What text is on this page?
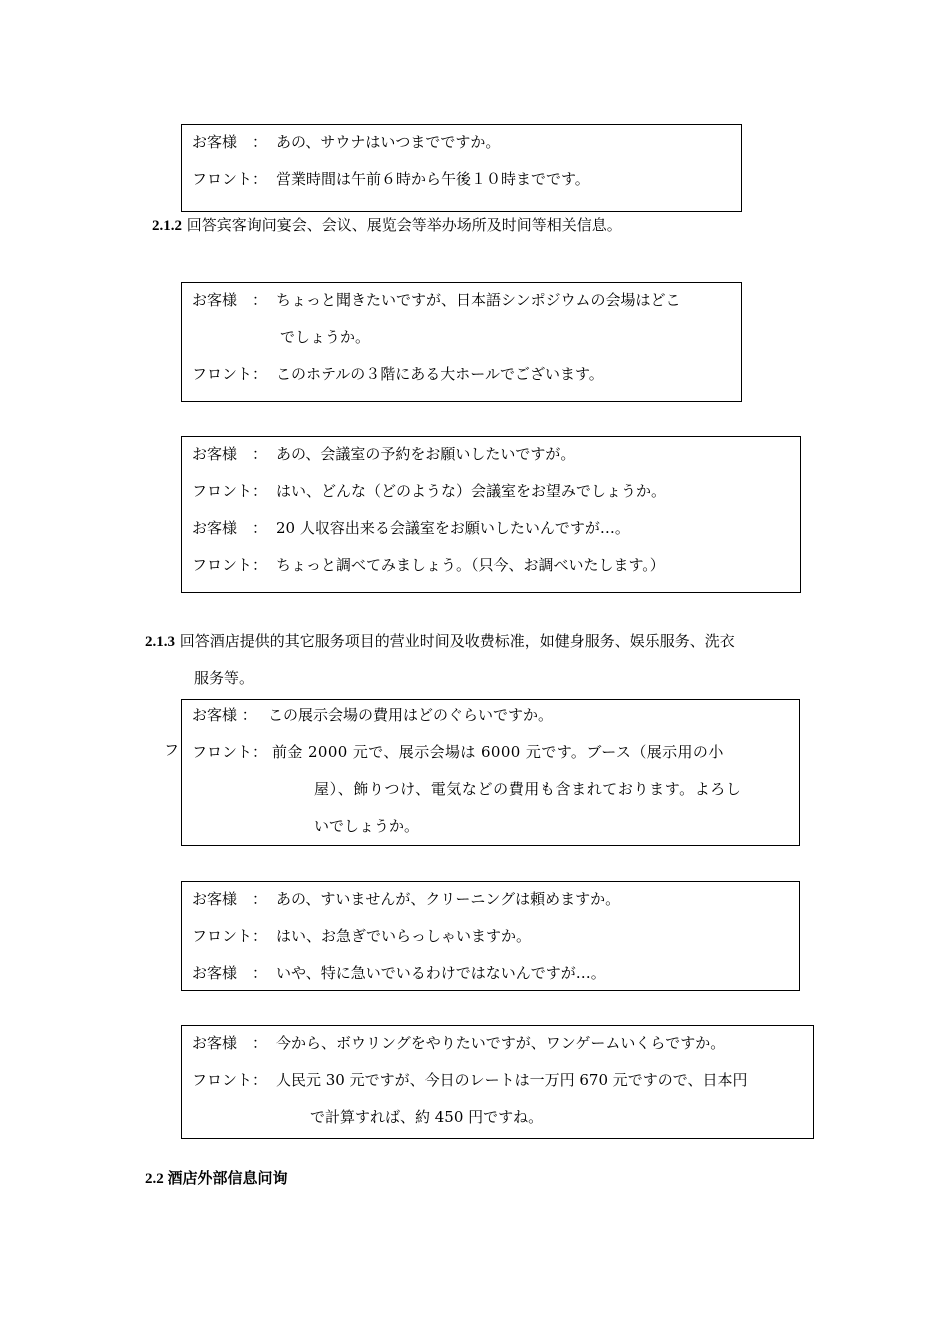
お客様　： あの、サウナはいつまでですか。
フロント： 営業時間は午前６時から午後１０時までです。
2.1.2 回答宾客询问宴会、会议、展览会等举办场所及时间等相关信息。
お客様　： ちょっと聞きたいですが、日本語シンポジウムの会場はどこ
でしょうか。
フロント： このホテルの３階にある大ホールでございます。
お客様　： あの、会議室の予約をお願いしたいですが。
フロント： はい、どんな（どのような）会議室をお望みでしょうか。
お客様　： 20 人収容出来る会議室をお願いしたいんですが…。
フロント： ちょっと調べてみましょう。（只今、お調べいたします。）
2.1.3 回答酒店提供的其它服务项目的营业时间及收费标准，如健身服务、娱乐服务、洗衣
服务等。
フ
お客様 ： この展示会場の費用はどのぐらいですか。
フロント： 前金 2000 元で、展示会場は 6000 元です。ブース（展示用の小
屋）、飾りつけ、電気などの費用も含まれております。よろし
いでしょうか。
お客様　： あの、すいませんが、クリーニングは頼めますか。
フロント： はい、お急ぎでいらっしゃいますか。
お客様　： いや、特に急いでいるわけではないんですが…。
お客様　： 今から、ボウリングをやりたいですが、ワンゲームいくらですか。
フロント： 人民元 30 元ですが、今日のレートは一万円 670 元ですので、日本円
で計算すれば、約 450 円ですね。
2.2 酒店外部信息问询
